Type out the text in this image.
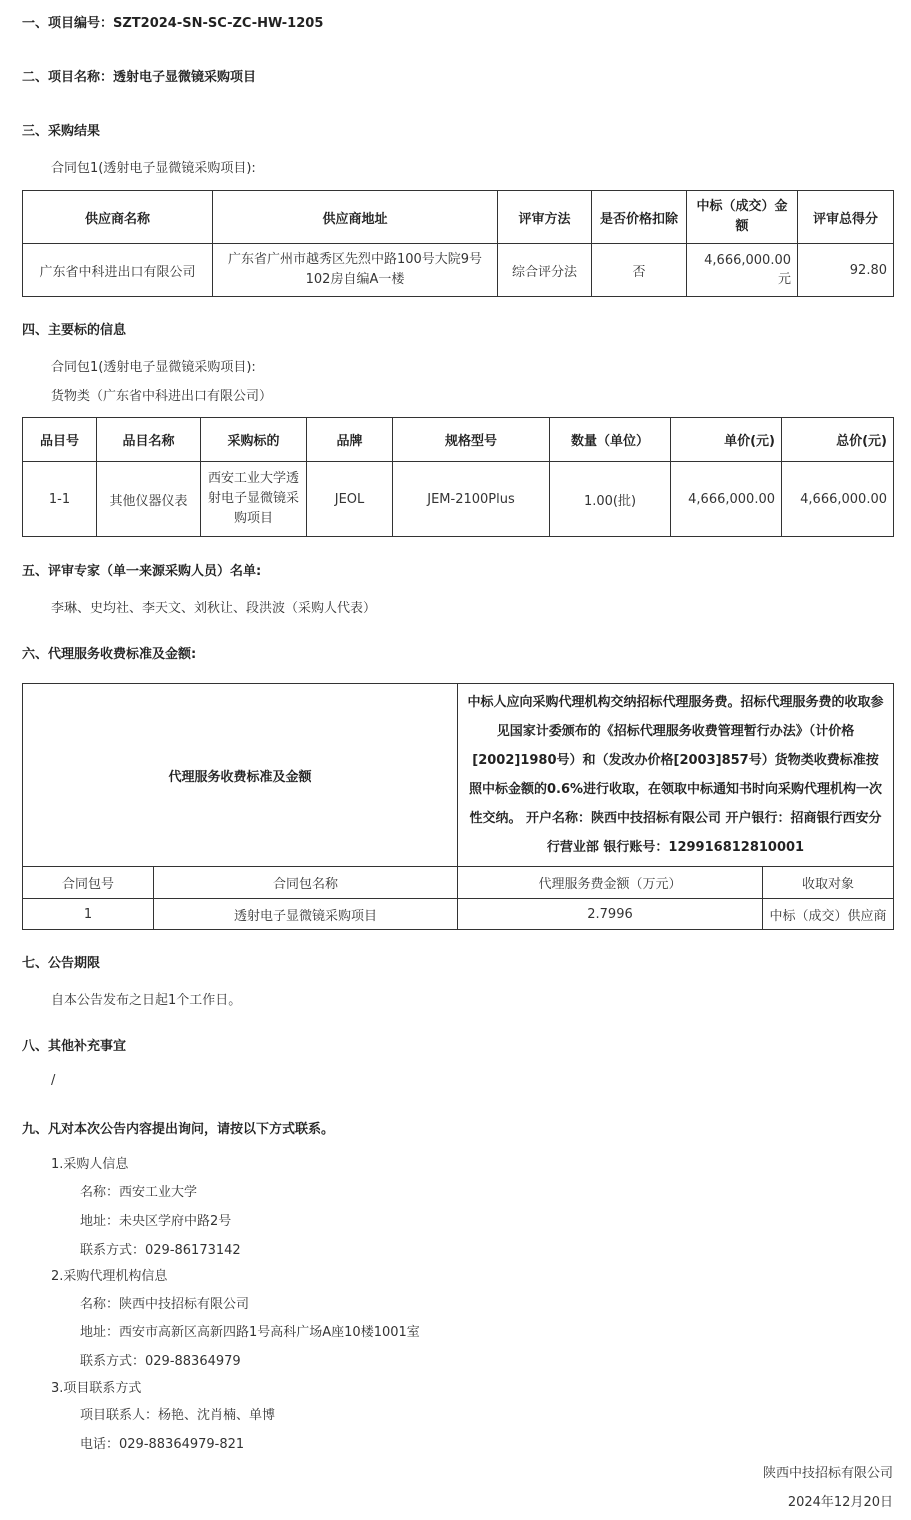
一、项目编号：SZT2024-SN-SC-ZC-HW-1205
二、项目名称：透射电子显微镜采购项目
三、采购结果
合同包1(透射电子显微镜采购项目):
供应商名称	供应商地址	评审方法	是否价格扣除	中标（成交）金额	评审总得分
广东省中科进出口有限公司	广东省广州市越秀区先烈中路100号大院9号102房自编A一楼	综合评分法	否	4,666,000.00元	92.80
四、主要标的信息
合同包1(透射电子显微镜采购项目):
货物类（广东省中科进出口有限公司）
品目号	品目名称	采购标的	品牌	规格型号	数量（单位）	单价(元)	总价(元)
1-1	其他仪器仪表	西安工业大学透射电子显微镜采购项目	JEOL	JEM-2100Plus	1.00(批)	4,666,000.00	4,666,000.00
五、评审专家（单一来源采购人员）名单:
李琳、史均社、李天文、刘秋让、段洪波（采购人代表）
六、代理服务收费标准及金额:
代理服务收费标准及金额	中标人应向采购代理机构交纳招标代理服务费。招标代理服务费的收取参见国家计委颁布的《招标代理服务收费管理暂行办法》（计价格[2002]1980号）和（发改办价格[2003]857号）货物类收费标准按照中标金额的0.6%进行收取，在领取中标通知书时向采购代理机构一次性交纳。 开户名称：陕西中技招标有限公司 开户银行：招商银行西安分行营业部 银行账号：129916812810001
合同包号	合同包名称	代理服务费金额（万元）	收取对象
1	透射电子显微镜采购项目	2.7996	中标（成交）供应商
七、公告期限
自本公告发布之日起1个工作日。
八、其他补充事宜
/
九、凡对本次公告内容提出询问，请按以下方式联系。
1.采购人信息
名称：西安工业大学
地址：未央区学府中路2号
联系方式：029-86173142
2.采购代理机构信息
名称：陕西中技招标有限公司
地址：西安市高新区高新四路1号高科广场A座10楼1001室
联系方式：029-88364979
3.项目联系方式
项目联系人：杨艳、沈肖楠、单博
电话：029-88364979-821
陕西中技招标有限公司
2024年12月20日
